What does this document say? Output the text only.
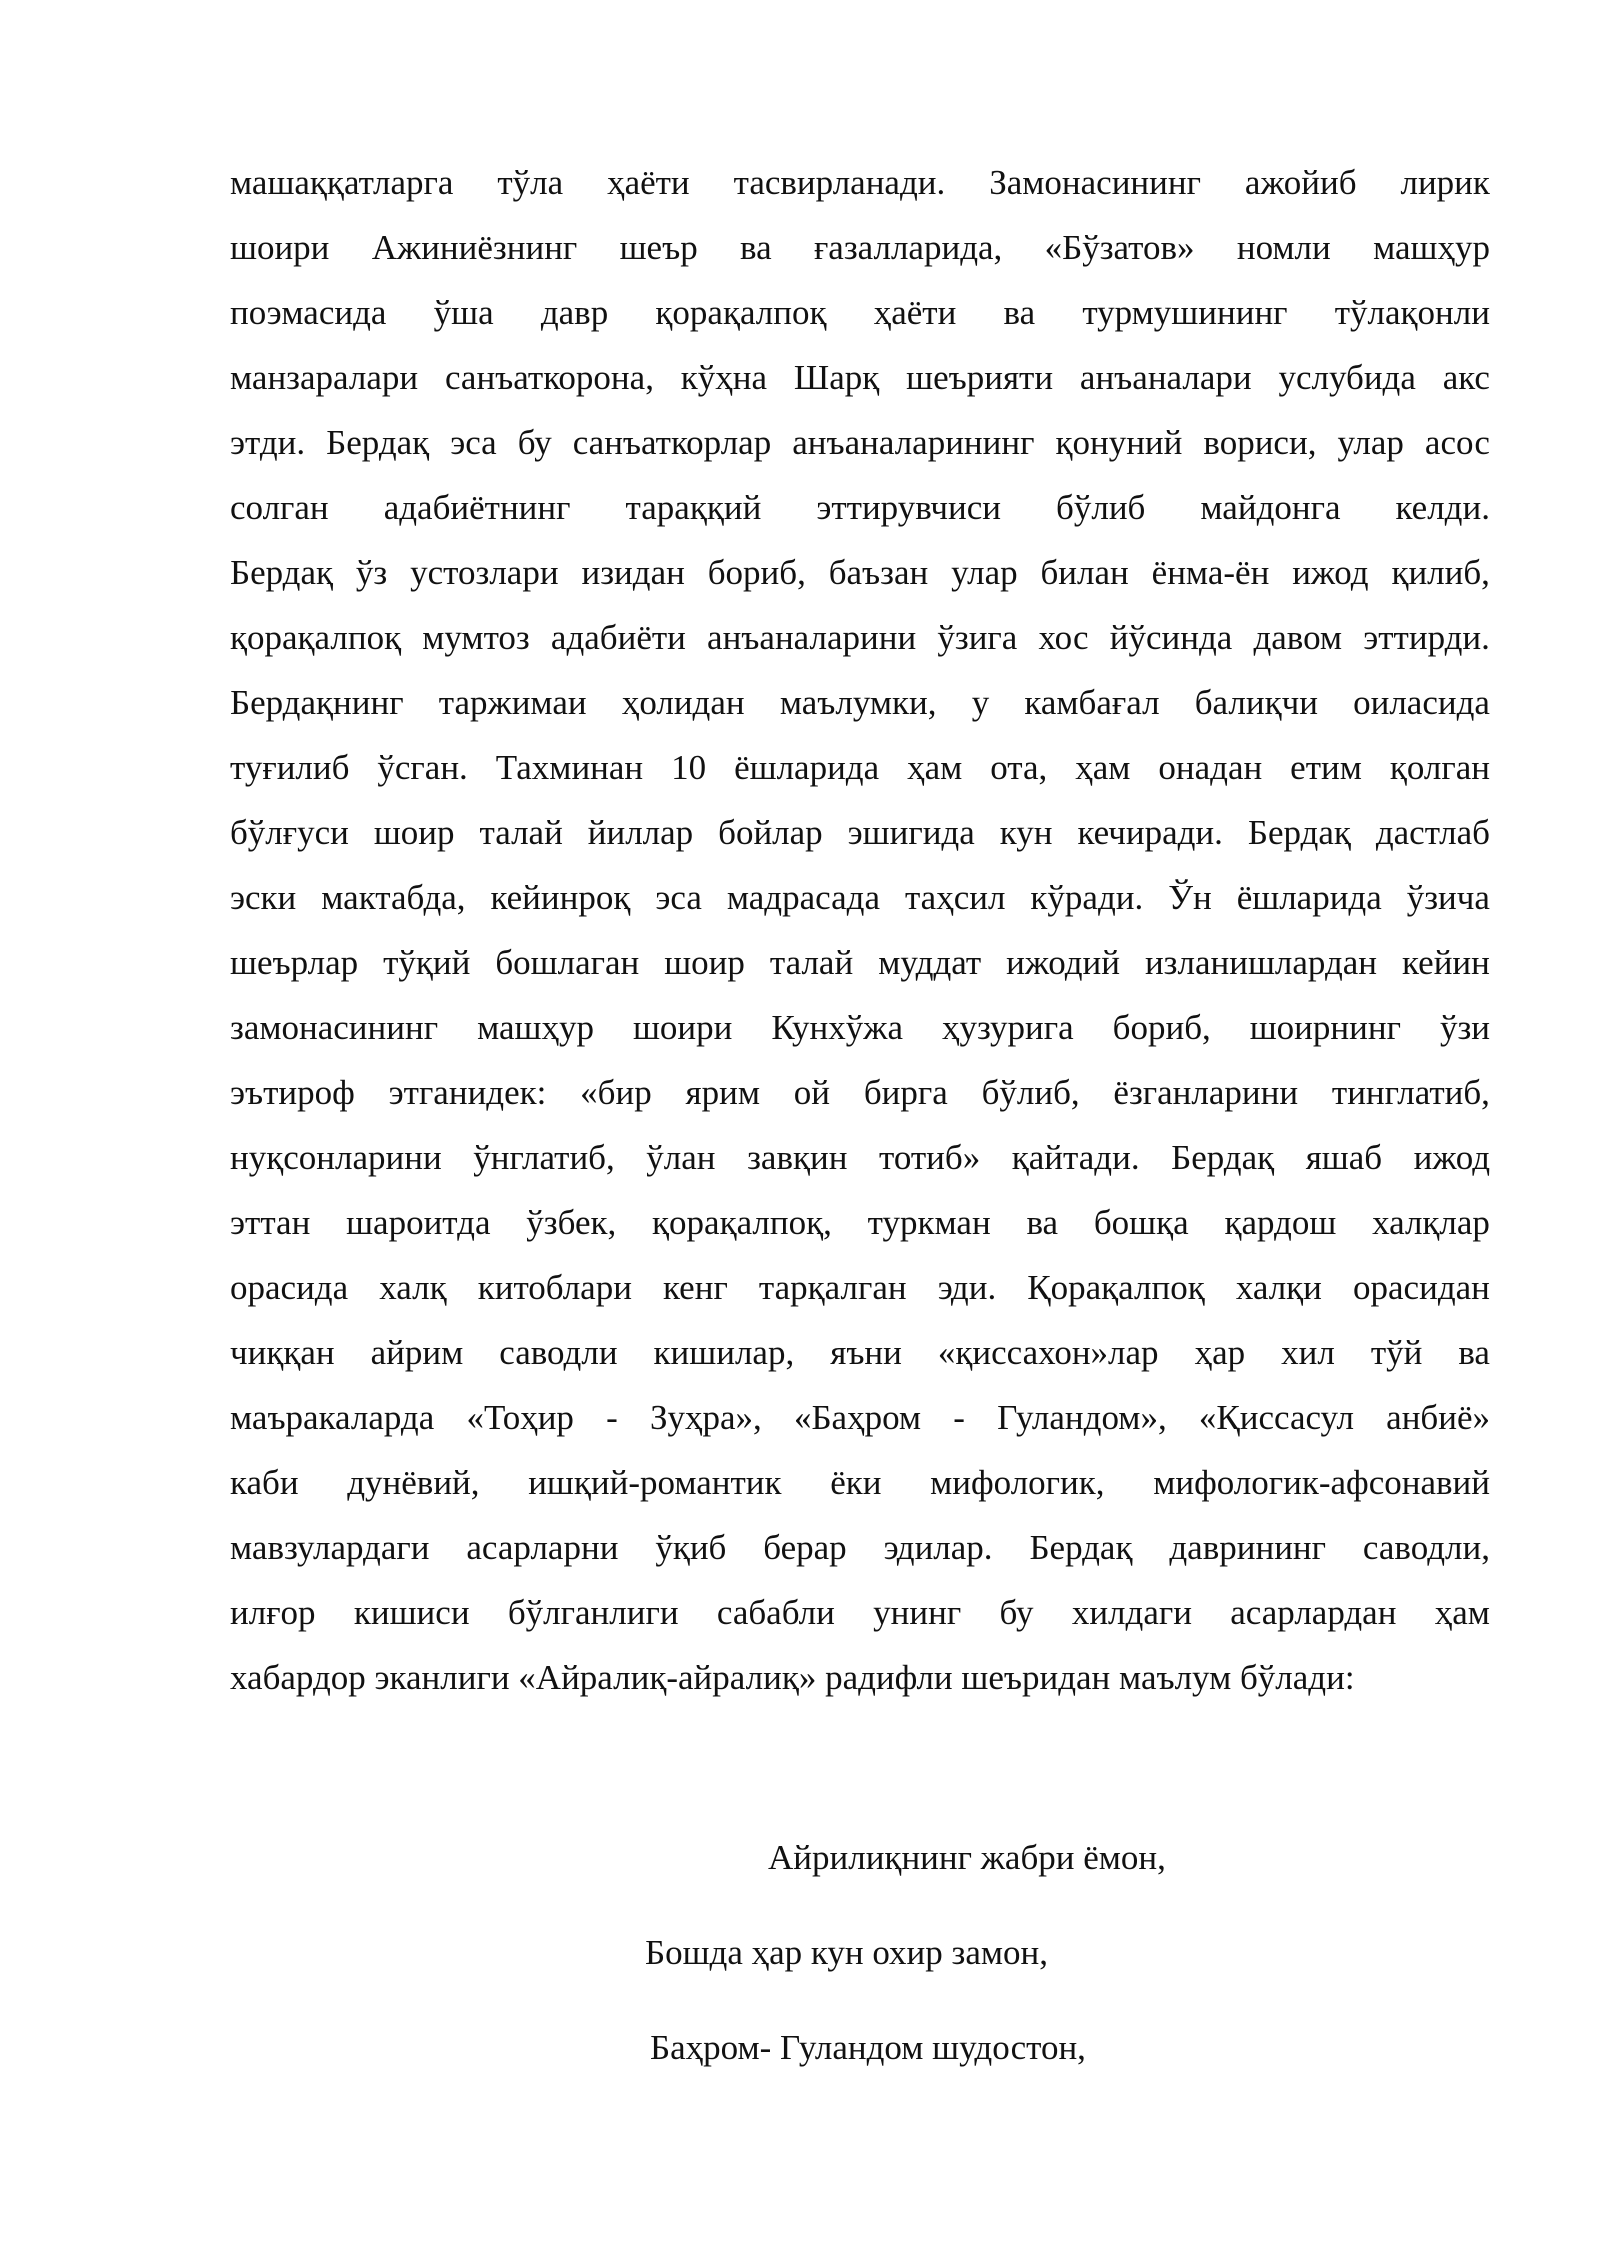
машаққатларга тўла ҳаёти тасвирланади. Замонасининг ажойиб лирик
шоири Ажиниёзнинг шеър ва ғазалларида, «Бўзатов» номли машҳур
поэмасида ўша давр қорақалпоқ ҳаёти ва турмушининг тўлақонли
манзаралари санъаткорона, кўҳна Шарқ шеърияти анъаналари услубида акс
этди. Бердақ эса бу санъаткорлар анъаналарининг қонуний вориси, улар асос
солган адабиётнинг тараққий эттирувчиси бўлиб майдонга келди.
Бердақ ўз устозлари изидан бориб, баъзан улар билан ёнма-ён ижод қилиб,
қорақалпоқ мумтоз адабиёти анъаналарини ўзига хос йўсинда давом эттирди.
Бердақнинг таржимаи ҳолидан маълумки, у камбағал балиқчи оиласида
туғилиб ўсган. Тахминан 10 ёшларида ҳам ота, ҳам онадан етим қолган
бўлғуси шоир талай йиллар бойлар эшигида кун кечиради. Бердақ дастлаб
эски мактабда, кейинроқ эса мадрасада таҳсил кўради. Ўн ёшларида ўзича
шеърлар тўқий бошлаган шоир талай муддат ижодий изланишлардан кейин
замонасининг машҳур шоири Кунхўжа ҳузурига бориб, шоирнинг ўзи
эътироф этганидек: «бир ярим ой бирга бўлиб, ёзганларини тинглатиб,
нуқсонларини ўнглатиб, ўлан завқин тотиб» қайтади. Бердақ яшаб ижод
эттан шароитда ўзбек, қорақалпоқ, туркман ва бошқа қардош халқлар
орасида халқ китоблари кенг тарқалган эди. Қорақалпоқ халқи орасидан
чиққан айрим саводли кишилар, яъни «қиссахон»лар ҳар хил тўй ва
маъракаларда «Тоҳир - Зуҳра», «Баҳром - Гуландом», «Қиссасул анбиё»
каби дунёвий, ишқий-романтик ёки мифологик, мифологик-афсонавий
мавзулардаги асарларни ўқиб берар эдилар. Бердақ даврининг саводли,
илғор кишиси бўлганлиги сабабли унинг бу хилдаги асарлардан ҳам
хабардор эканлиги «Айралиқ-айралиқ» радифли шеъридан маълум бўлади:
Айрилиқнинг жабри ёмон,
Бошда ҳар кун охир замон,
Баҳром- Гуландом шудостон,
